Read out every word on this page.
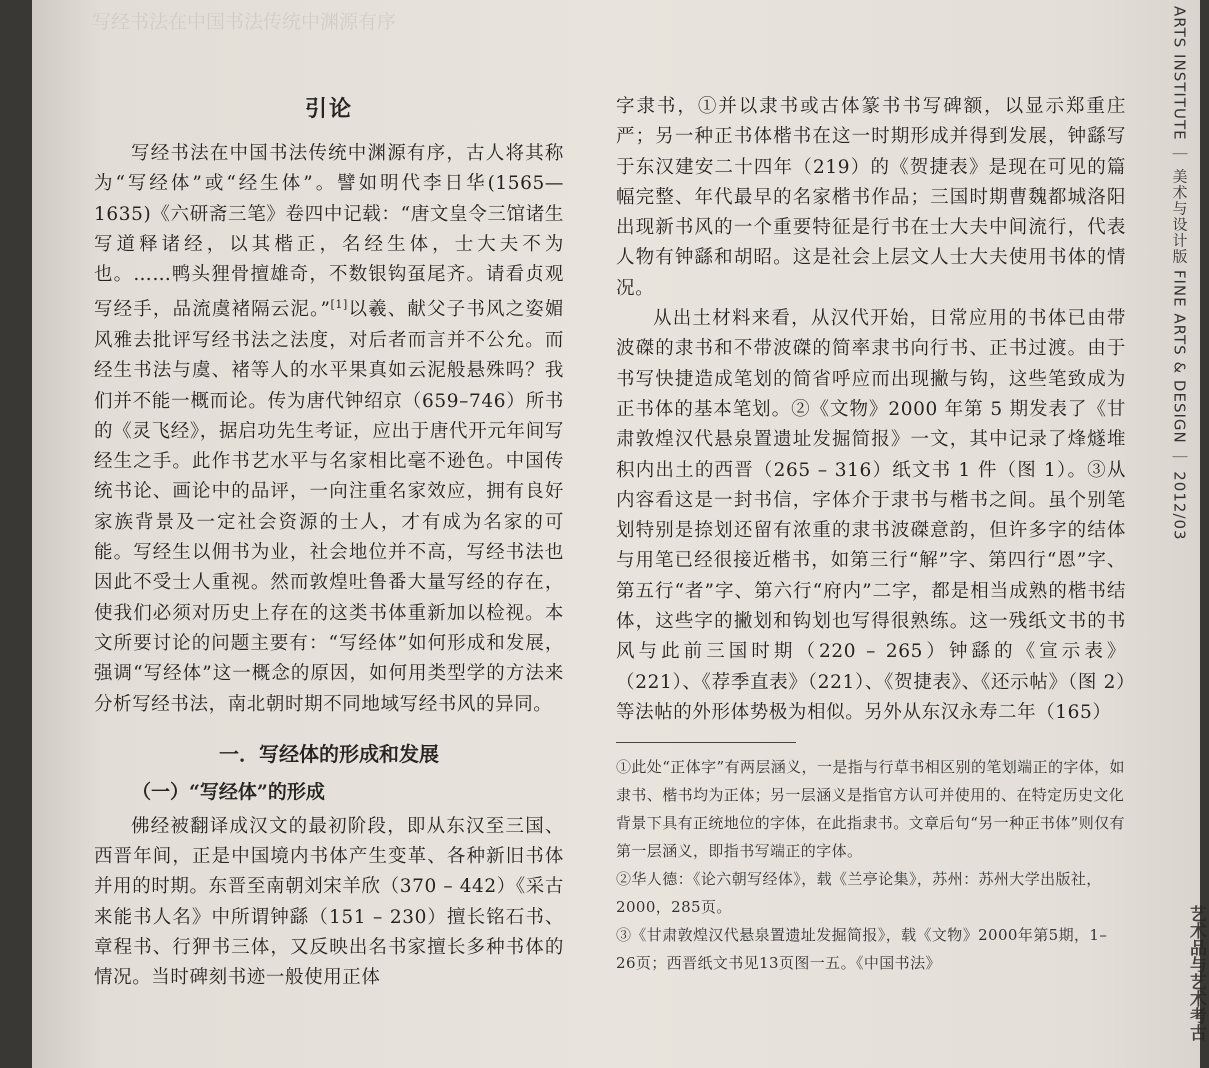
写经书法在中国书法传统中渊源有序
引论

写经书法在中国书法传统中渊源有序，古人将其称为“写经体”或“经生体”。譬如明代李日华(1565—1635)《六研斋三笔》卷四中记载：“唐文皇令三馆诸生写道释诸经，以其楷正，名经生体，士大夫不为也。……鸭头狸骨擅雄奇，不数银钩虿尾齐。请看贞观写经手，品流虞褚隔云泥。”[1]以羲、献父子书风之姿媚风雅去批评写经书法之法度，对后者而言并不公允。而经生书法与虞、褚等人的水平果真如云泥般悬殊吗？我们并不能一概而论。传为唐代钟绍京（659–746）所书的《灵飞经》，据启功先生考证，应出于唐代开元年间写经生之手。此作书艺水平与名家相比毫不逊色。中国传统书论、画论中的品评，一向注重名家效应，拥有良好家族背景及一定社会资源的士人，才有成为名家的可能。写经生以佣书为业，社会地位并不高，写经书法也因此不受士人重视。然而敦煌吐鲁番大量写经的存在，使我们必须对历史上存在的这类书体重新加以检视。本文所要讨论的问题主要有：“写经体”如何形成和发展，强调“写经体”这一概念的原因，如何用类型学的方法来分析写经书法，南北朝时期不同地域写经书风的异同。

一．写经体的形成和发展
（一）“写经体”的形成

佛经被翻译成汉文的最初阶段，即从东汉至三国、西晋年间，正是中国境内书体产生变革、各种新旧书体并用的时期。东晋至南朝刘宋羊欣（370 – 442）《采古来能书人名》中所谓钟繇（151 – 230）擅长铭石书、章程书、行狎书三体，又反映出名书家擅长多种书体的情况。当时碑刻书迹一般使用正体

字隶书，①并以隶书或古体篆书书写碑额，以显示郑重庄严；另一种正书体楷书在这一时期形成并得到发展，钟繇写于东汉建安二十四年（219）的《贺捷表》是现在可见的篇幅完整、年代最早的名家楷书作品；三国时期曹魏都城洛阳出现新书风的一个重要特征是行书在士大夫中间流行，代表人物有钟繇和胡昭。这是社会上层文人士大夫使用书体的情况。

从出土材料来看，从汉代开始，日常应用的书体已由带波磔的隶书和不带波磔的简率隶书向行书、正书过渡。由于书写快捷造成笔划的简省呼应而出现撇与钩，这些笔致成为正书体的基本笔划。②《文物》2000 年第 5 期发表了《甘肃敦煌汉代悬泉置遗址发掘简报》一文，其中记录了烽燧堆积内出土的西晋（265 – 316）纸文书 1 件（图 1）。③从内容看这是一封书信，字体介于隶书与楷书之间。虽个别笔划特别是捺划还留有浓重的隶书波磔意韵，但许多字的结体与用笔已经很接近楷书，如第三行“解”字、第四行“恩”字、第五行“者”字、第六行“府内”二字，都是相当成熟的楷书结体，这些字的撇划和钩划也写得很熟练。这一残纸文书的书风与此前三国时期（220 – 265）钟繇的《宣示表》（221）、《荐季直表》（221）、《贺捷表》、《还示帖》（图 2）等法帖的外形体势极为相似。另外从东汉永寿二年（165）

①此处“正体字”有两层涵义，一是指与行草书相区别的笔划端正的字体，如隶书、楷书均为正体；另一层涵义是指官方认可并使用的、在特定历史文化背景下具有正统地位的字体，在此指隶书。文章后句“另一种正书体”则仅有第一层涵义，即指书写端正的字体。

②华人德：《论六朝写经体》，载《兰亭论集》，苏州：苏州大学出版社，2000，285页。

③《甘肃敦煌汉代悬泉置遗址发掘简报》，载《文物》2000年第5期，1–26页；西晋纸文书见13页图一五。《中国书法》

ARTS INSTITUTE ｜ 美术与设计版 FINE ARTS & DESIGN ｜ 2012/03
艺术品与艺术考古
